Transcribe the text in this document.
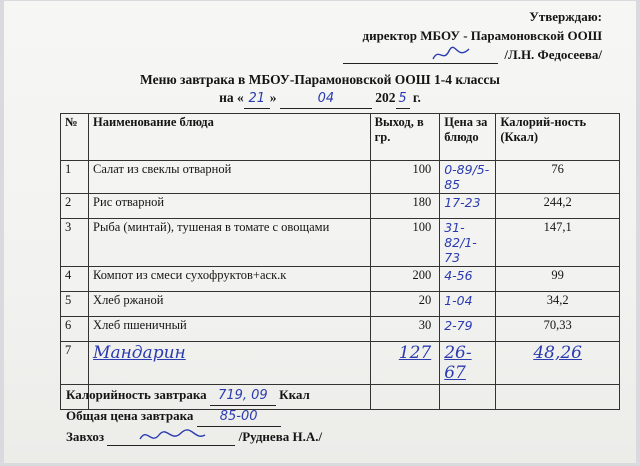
Утверждаю:
директор МБОУ - Парамоновской ООШ
/Л.Н. Федосеева/
Меню завтрака в МБОУ-Парамоновской ООШ 1-4 классы
на « 21 »	04	202 5 г.
№	Наименование блюда	Выход, в гр.	Цена за блюдо	Калорий-ность (Ккал)
1	Салат из свеклы отварной	100	0-89/5-85	76
2	Рис отварной	180	17-23	244,2
3	Рыба (минтай), тушеная в томате с овощами	100	31-82/1-73	147,1
4	Компот из смеси сухофруктов+аск.к	200	4-56	99
5	Хлеб ржаной	20	1-04	34,2
6	Хлеб пшеничный	30	2-79	70,33
7	Мандарин	127	26-67	48,26

Калорийность завтрака 719, 09 Ккал
Общая цена завтрака 85-00
Завхоз	/Руднева Н.А./
